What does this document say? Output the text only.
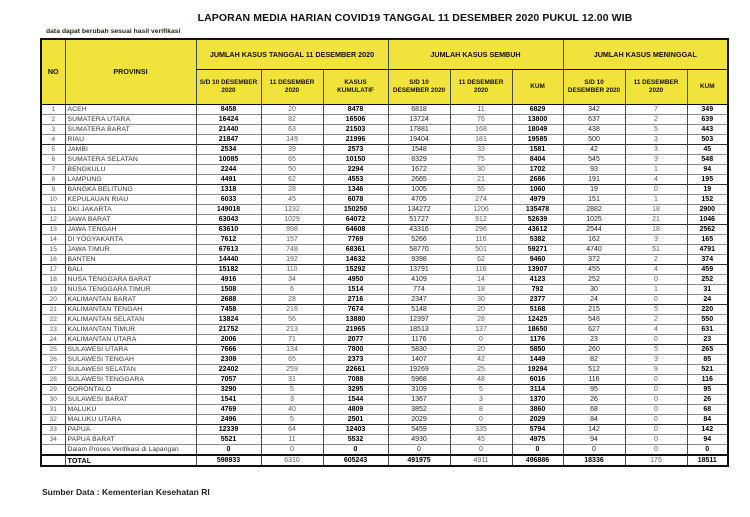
LAPORAN MEDIA HARIAN COVID19 TANGGAL 11 DESEMBER 2020 PUKUL 12.00 WIB
data dapat berubah sesuai hasil verifikasi
NO	PROVINSI	JUMLAH KASUS TANGGAL 11 DESEMBER 2020			JUMLAH KASUS SEMBUH			JUMLAH KASUS MENINGGAL		
		S/D 10 DESEMBER 2020	11 DESEMBER 2020	KASUS KUMULATIF	S/D 10 DESEMBER 2020	11 DESEMBER 2020	KUM	S/D 10 DESEMBER 2020	11 DESEMBER 2020	KUM
1	ACEH	8458	20	8478	6818	11	6829	342	7	349
2	SUMATERA UTARA	16424	82	16506	13724	76	13800	637	2	639
3	SUMATERA BARAT	21440	63	21503	17881	168	18049	438	5	443
4	RIAU	21847	149	21996	19404	181	19585	500	3	503
5	JAMBI	2534	39	2573	1548	33	1581	42	3	45
6	SUMATERA SELATAN	10085	65	10150	8329	75	8404	545	3	548
7	BENGKULU	2244	50	2294	1672	30	1702	93	1	94
8	LAMPUNG	4491	62	4553	2665	21	2686	191	4	195
9	BANGKA BELITUNG	1318	28	1346	1005	55	1060	19	0	19
10	KEPULAUAN RIAU	6033	45	6078	4705	274	4979	151	1	152
11	DKI JAKARTA	149018	1232	150250	134272	1206	135478	2882	18	2900
12	JAWA BARAT	63043	1029	64072	51727	912	52639	1025	21	1046
13	JAWA TENGAH	63610	998	64608	43316	296	43612	2544	18	2562
14	DI YOGYAKARTA	7612	157	7769	5266	116	5382	162	3	165
15	JAWA TIMUR	67613	748	68361	58770	501	59271	4740	51	4791
16	BANTEN	14440	192	14632	9398	62	9460	372	2	374
17	BALI	15182	110	15292	13791	116	13907	455	4	459
18	NUSA TENGGARA BARAT	4916	34	4950	4109	14	4123	252	0	252
19	NUSA TENGGARA TIMUR	1508	6	1514	774	18	792	30	1	31
20	KALIMANTAN BARAT	2688	28	2716	2347	30	2377	24	0	24
21	KALIMANTAN TENGAH	7458	216	7674	5148	20	5168	215	5	220
22	KALIMANTAN SELATAN	13824	56	13880	12397	28	12425	548	2	550
23	KALIMANTAN TIMUR	21752	213	21965	18513	137	18650	627	4	631
24	KALIMANTAN UTARA	2006	71	2077	1176	0	1176	23	0	23
25	SULAWESI UTARA	7666	134	7800	5830	20	5850	260	5	265
26	SULAWESI TENGAH	2308	65	2373	1407	42	1449	82	3	85
27	SULAWESI SELATAN	22402	259	22661	19269	25	19294	512	9	521
28	SULAWESI TENGGARA	7057	31	7088	5968	48	6016	116	0	116
29	GORONTALO	3290	5	3295	3109	5	3114	95	0	95
30	SULAWESI BARAT	1541	3	1544	1367	3	1370	26	0	26
31	MALUKU	4769	40	4809	3852	8	3860	68	0	68
32	MALUKU UTARA	2496	5	2501	2029	0	2029	84	0	84
33	PAPUA	12339	64	12403	5459	335	5794	142	0	142
34	PAPUA BARAT	5521	11	5532	4930	45	4975	94	0	94
	Dalam Proses Verifikasi di Lapangan	0	0	0	0	0	0	0	0	0
	TOTAL	598933	6310	605243	491975	4911	496886	18336	175	18511
Sumber Data : Kementerian Kesehatan RI
